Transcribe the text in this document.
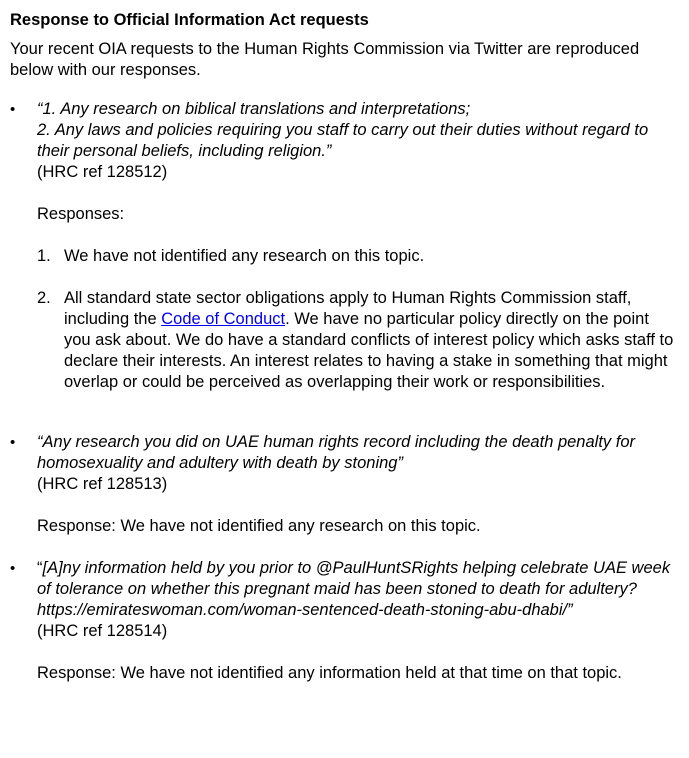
Response to Official Information Act requests

Your recent OIA requests to the Human Rights Commission via Twitter are reproduced below with our responses.

•	“1. Any research on biblical translations and interpretations;

2. Any laws and policies requiring you staff to carry out their duties without regard to their personal beliefs, including religion.”

(HRC ref 128512)

Responses:

1. We have not identified any research on this topic.
2. All standard state sector obligations apply to Human Rights Commission staff, including the Code of Conduct. We have no particular policy directly on the point you ask about. We do have a standard conflicts of interest policy which asks staff to declare their interests. An interest relates to having a stake in something that might overlap or could be perceived as overlapping their work or responsibilities.
•	“Any research you did on UAE human rights record including the death penalty for homosexuality and adultery with death by stoning”

(HRC ref 128513)

Response: We have not identified any research on this topic.

•	“[A]ny information held by you prior to @PaulHuntSRights helping celebrate UAE week of tolerance on whether this pregnant maid has been stoned to death for adultery? https://emirateswoman.com/woman-sentenced-death-stoning-abu-dhabi/”

(HRC ref 128514)

Response: We have not identified any information held at that time on that topic.
